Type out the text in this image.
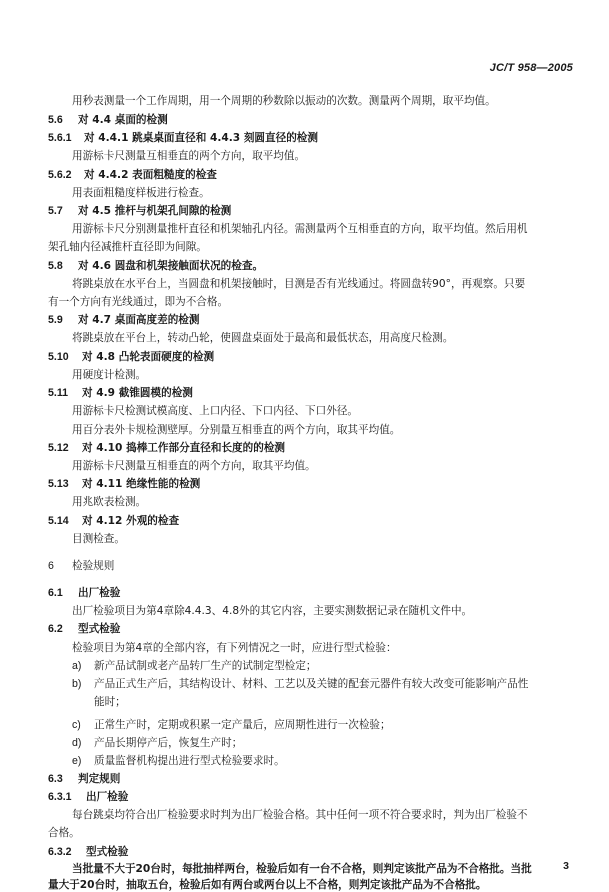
JC/T 958—2005
用秒表测量一个工作周期，用一个周期的秒数除以振动的次数。测量两个周期，取平均值。
5.6 对 4.4 桌面的检测
5.6.1 对 4.4.1 跳桌桌面直径和 4.4.3 刻圆直径的检测
用游标卡尺测量互相垂直的两个方向，取平均值。
5.6.2 对 4.4.2 表面粗糙度的检查
用表面粗糙度样板进行检查。
5.7 对 4.5 推杆与机架孔间隙的检测
用游标卡尺分别测量推杆直径和机架轴孔内径。需测量两个互相垂直的方向，取平均值。然后用机
架孔轴内径减推杆直径即为间隙。
5.8 对 4.6 圆盘和机架接触面状况的检查。
将跳桌放在水平台上，当圆盘和机架接触时，目测是否有光线通过。将圆盘转90°，再观察。只要
有一个方向有光线通过，即为不合格。
5.9 对 4.7 桌面高度差的检测
将跳桌放在平台上，转动凸轮，使圆盘桌面处于最高和最低状态，用高度尺检测。
5.10 对 4.8 凸轮表面硬度的检测
用硬度计检测。
5.11 对 4.9 截锥圆模的检测
用游标卡尺检测试模高度、上口内径、下口内径、下口外径。
用百分表外卡规检测壁厚。分别量互相垂直的两个方向，取其平均值。
5.12 对 4.10 捣棒工作部分直径和长度的的检测
用游标卡尺测量互相垂直的两个方向，取其平均值。
5.13 对 4.11 绝缘性能的检测
用兆欧表检测。
5.14 对 4.12 外观的检查
目测检查。
6 检验规则
6.1 出厂检验
出厂检验项目为第4章除4.4.3、4.8外的其它内容，主要实测数据记录在随机文件中。
6.2 型式检验
检验项目为第4章的全部内容，有下列情况之一时，应进行型式检验：
a) 新产品试制或老产品转厂生产的试制定型检定；
b) 产品正式生产后，其结构设计、材料、工艺以及关键的配套元器件有较大改变可能影响产品性
能时；
c) 正常生产时，定期或积累一定产量后，应周期性进行一次检验；
d) 产品长期停产后，恢复生产时；
e) 质量监督机构提出进行型式检验要求时。
6.3 判定规则
6.3.1 出厂检验
每台跳桌均符合出厂检验要求时判为出厂检验合格。其中任何一项不符合要求时，判为出厂检验不
合格。
6.3.2 型式检验
当批量不大于20台时，每批抽样两台，检验后如有一台不合格，则判定该批产品为不合格批。当批
量大于20台时，抽取五台，检验后如有两台或两台以上不合格，则判定该批产品为不合格批。
3
